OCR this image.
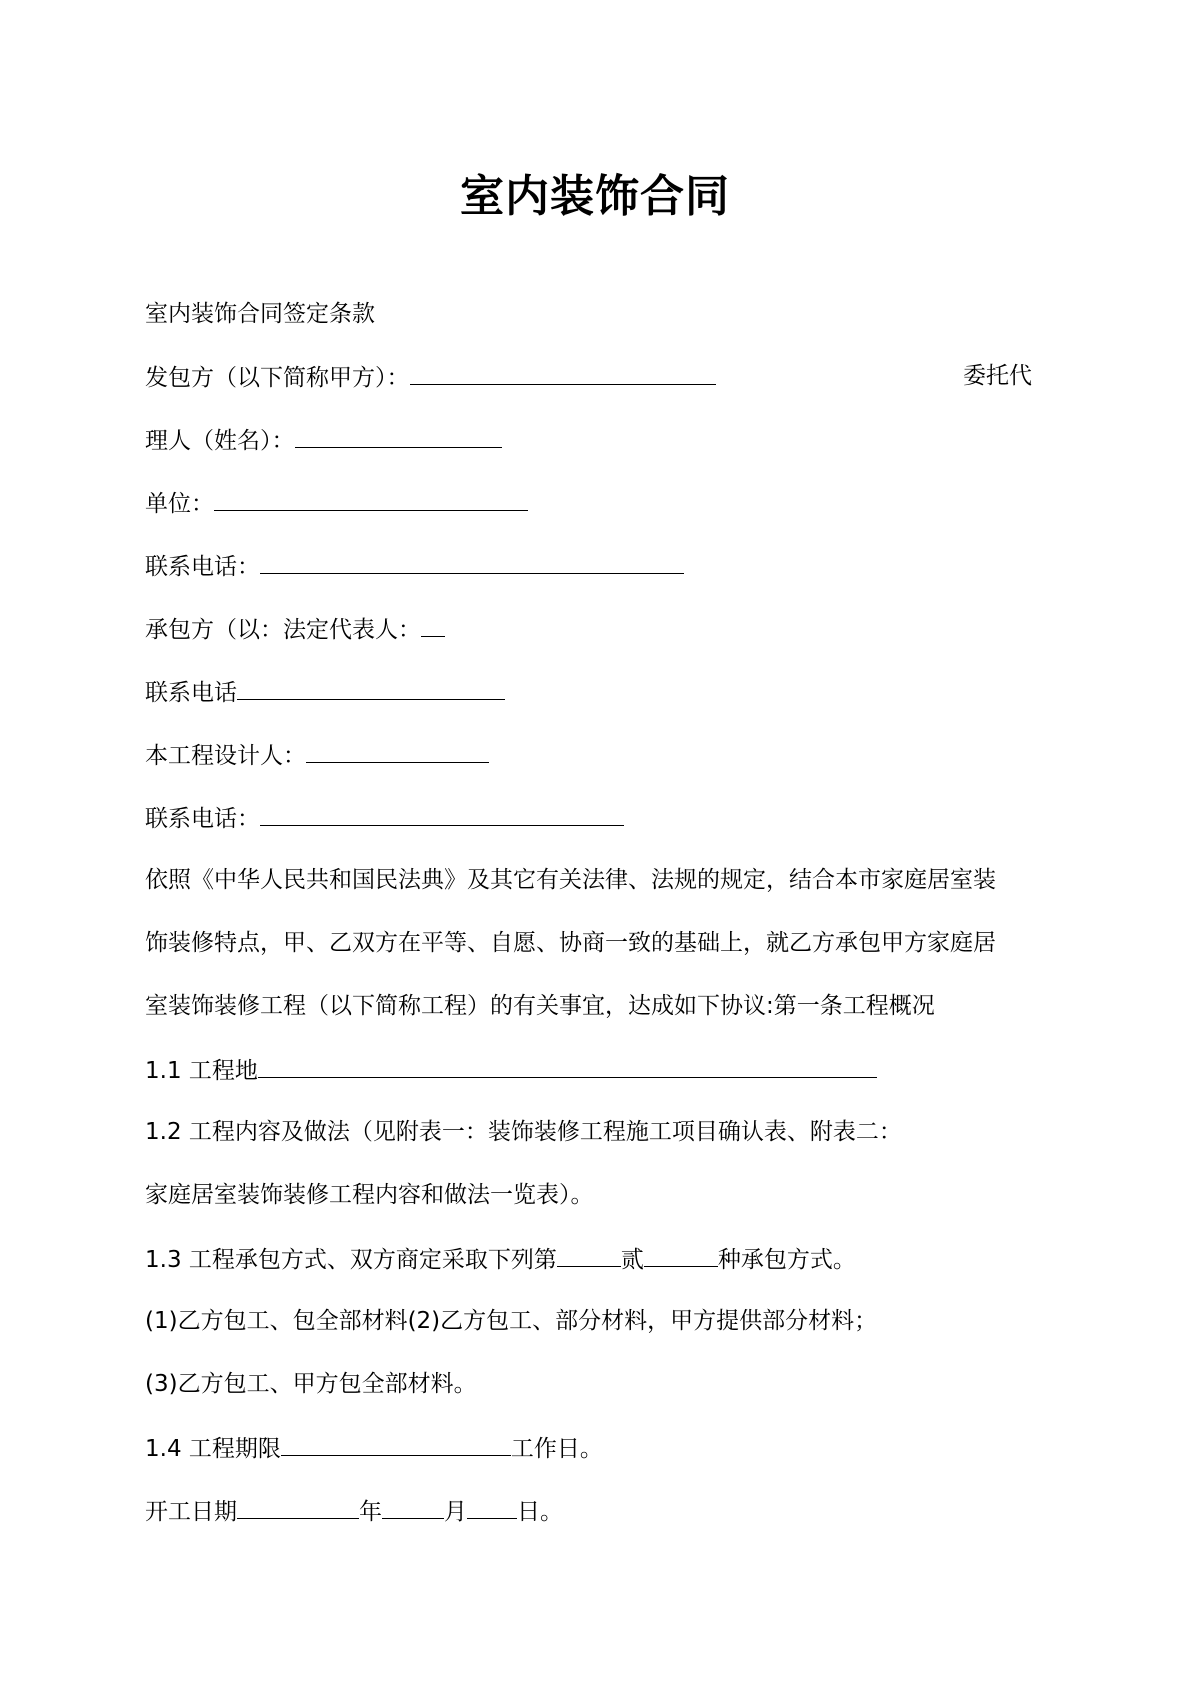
室内装饰合同
室内装饰合同签定条款
发包方（以下简称甲方）：	委托代
理人（姓名）：
单位：
联系电话：
承包方（以：法定代表人：
联系电话
本工程设计人：
联系电话：
依照《中华人民共和国民法典》及其它有关法律、法规的规定，结合本市家庭居室装
饰装修特点，甲、乙双方在平等、自愿、协商一致的基础上，就乙方承包甲方家庭居
室装饰装修工程（以下简称工程）的有关事宜，达成如下协议:第一条工程概况
1.1 工程地
1.2 工程内容及做法（见附表一：装饰装修工程施工项目确认表、附表二：
家庭居室装饰装修工程内容和做法一览表）。
1.3 工程承包方式、双方商定采取下列第	贰	种承包方式。
(1)乙方包工、包全部材料(2)乙方包工、部分材料，甲方提供部分材料；
(3)乙方包工、甲方包全部材料。
1.4 工程期限	工作日。
开工日期	年	月 日。
